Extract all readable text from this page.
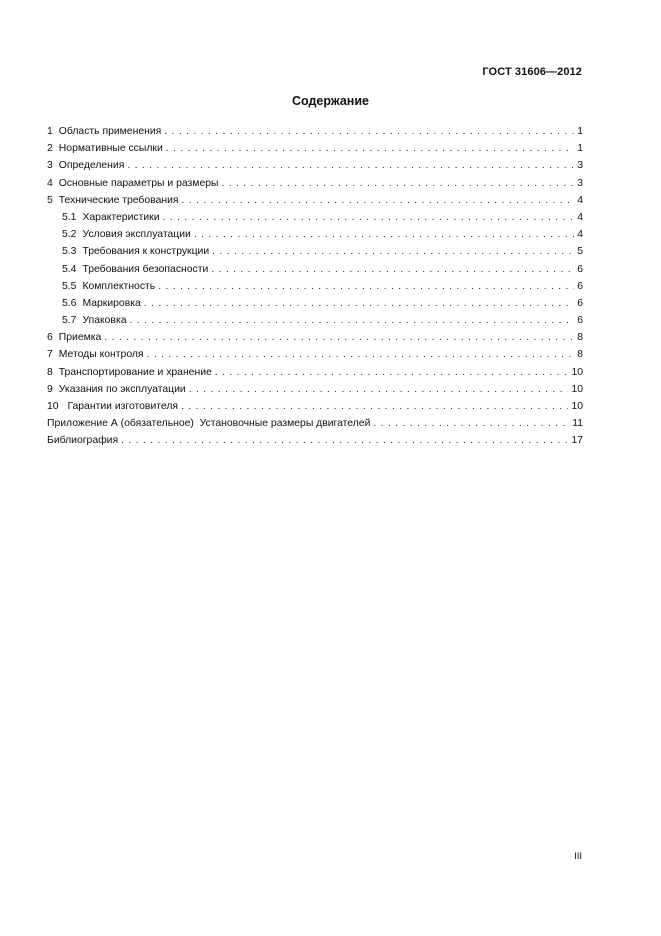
ГОСТ 31606—2012
Содержание
1 Область применения . . .	1
2 Нормативные ссылки . . .	1
3 Определения . . .	3
4 Основные параметры и размеры . . .	3
5 Технические требования . . .	4
5.1 Характеристики . . .	4
5.2 Условия эксплуатации . . .	4
5.3 Требования к конструкции . . .	5
5.4 Требования безопасности . . .	6
5.5 Комплектность . . .	6
5.6 Маркировка . . .	6
5.7 Упаковка . . .	6
6 Приемка . . .	8
7 Методы контроля . . .	8
8 Транспортирование и хранение . . .	10
9 Указания по эксплуатации . . .	10
10 Гарантии изготовителя . . .	10
Приложение А (обязательное)  Установочные размеры двигателей . . .	11
Библиография . . .	17
III
